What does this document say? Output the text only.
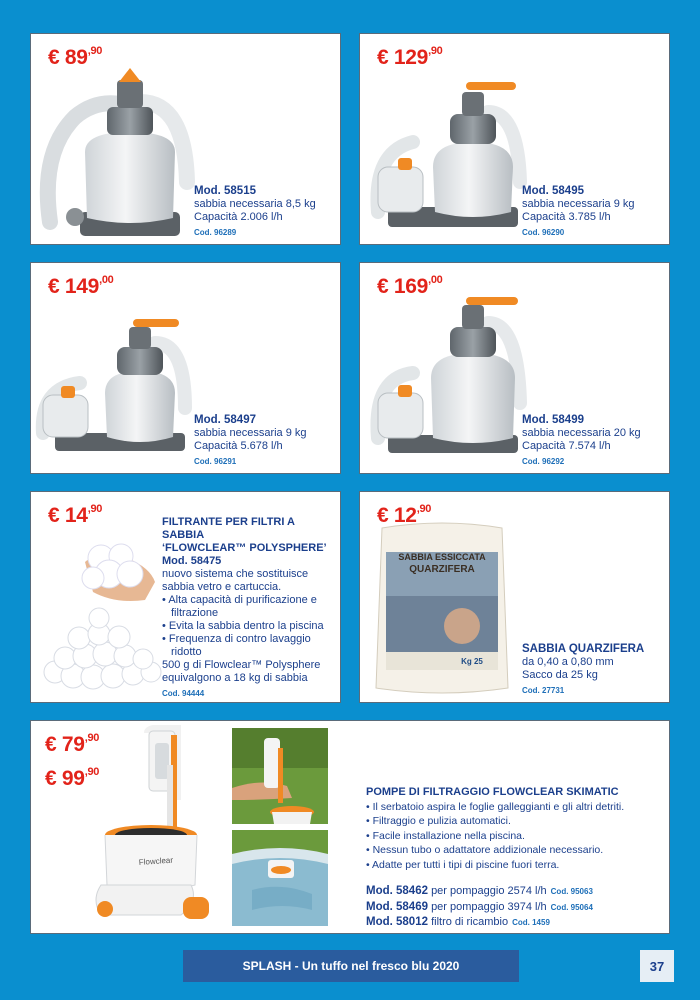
€ $89^{,90}$
Mod. 58515
sabbia necessaria 8,5 kg
Capacità 2.006 l/h
Cod. 96289
€ $129^{,90}$
Mod. 58495
sabbia necessaria 9 kg
Capacità 3.785 l/h
Cod. 96290
€ $149^{,00}$
Mod. 58497
sabbia necessaria 9 kg
Capacità 5.678 l/h
Cod. 96291
€ $169^{,00}$
Mod. 58499
sabbia necessaria 20 kg
Capacità 7.574 l/h
Cod. 96292
€ $14^{,90}$
FILTRANTE PER FILTRI A SABBIA
‘FLOWCLEAR™ POLYSPHERE’
Mod. 58475
nuovo sistema che sostituisce
sabbia vetro e cartuccia.
• Alta capacità di purificazione e filtrazione
• Evita la sabbia dentro la piscina
• Frequenza di contro lavaggio ridotto
500 g di Flowclear™ Polysphere
equivalgono a 18 kg di sabbia
Cod. 94444
€ $12^{,90}$
SABBIA ESSICCATA
QUARZIFERA
Kg 25
SABBIA QUARZIFERA
da 0,40 a 0,80 mm
Sacco da 25 kg
Cod. 27731
€ $79^{,90}$
€ $99^{,90}$
Flowclear
POMPE DI FILTRAGGIO FLOWCLEAR SKIMATIC
• Il serbatoio aspira le foglie galleggianti e gli altri detriti.
• Filtraggio e pulizia automatici.
• Facile installazione nella piscina.
• Nessun tubo o adattatore addizionale necessario.
• Adatte per tutti i tipi di piscine fuori terra.
Mod. 58462 per pompaggio 2574 l/h Cod. 95063
Mod. 58469 per pompaggio 3974 l/h Cod. 95064
Mod. 58012 filtro di ricambio Cod. 1459
SPLASH - Un tuffo nel fresco blu 2020	37
